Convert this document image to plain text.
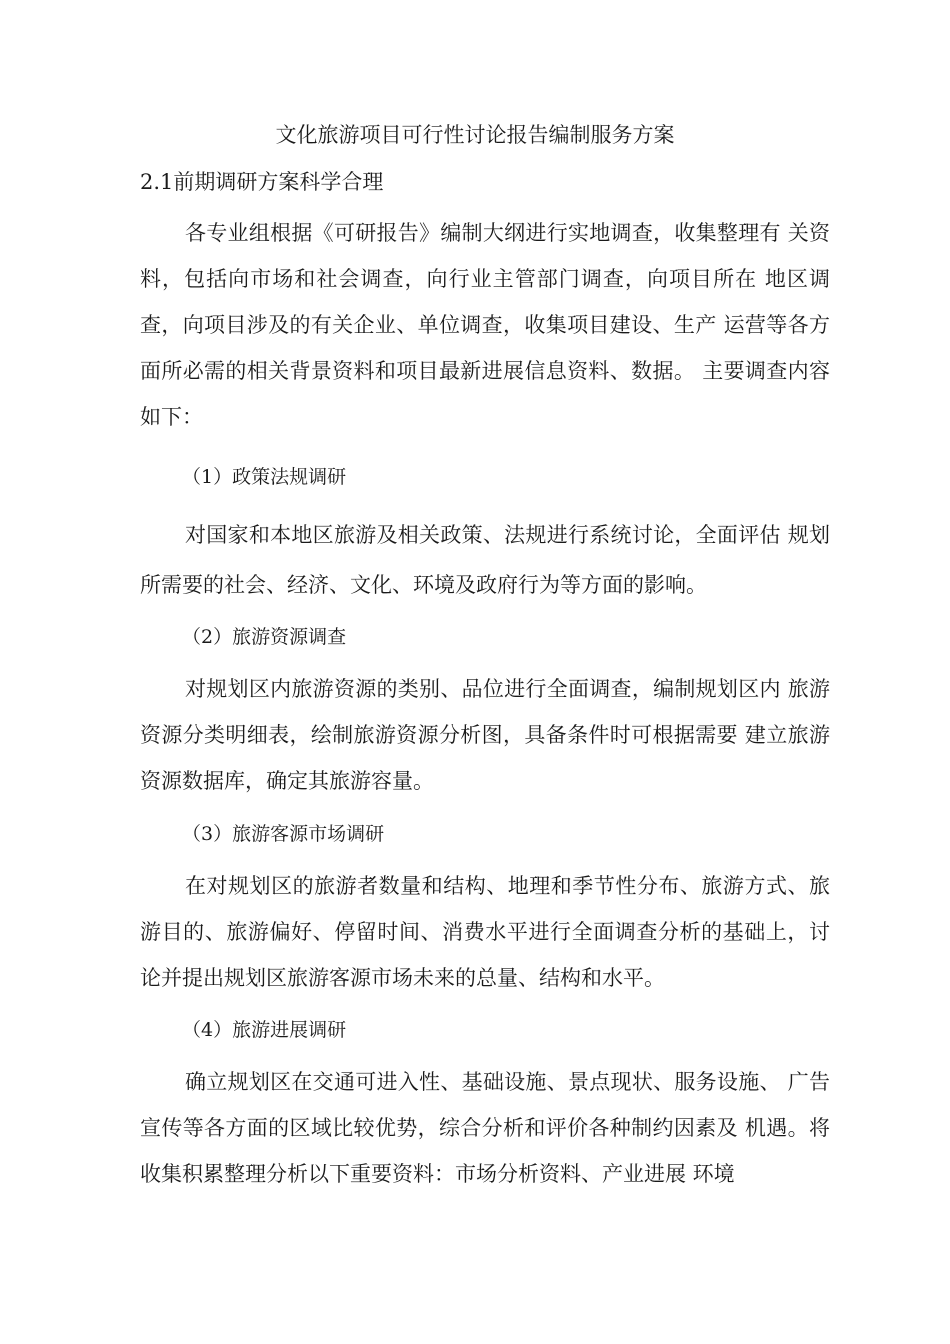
文化旅游项目可行性讨论报告编制服务方案
2.1前期调研方案科学合理

各专业组根据《可研报告》编制大纲进行实地调查，收集整理有 关资料，包括向市场和社会调查，向行业主管部门调查，向项目所在 地区调查，向项目涉及的有关企业、单位调查，收集项目建设、生产 运营等各方面所必需的相关背景资料和项目最新进展信息资料、数据。 主要调查内容如下：

（1）政策法规调研

对国家和本地区旅游及相关政策、法规进行系统讨论，全面评估 规划所需要的社会、经济、文化、环境及政府行为等方面的影响。

（2）旅游资源调查

对规划区内旅游资源的类别、品位进行全面调查，编制规划区内 旅游资源分类明细表，绘制旅游资源分析图，具备条件时可根据需要 建立旅游资源数据库，确定其旅游容量。

（3）旅游客源市场调研

在对规划区的旅游者数量和结构、地理和季节性分布、旅游方式、旅游目的、旅游偏好、停留时间、消费水平进行全面调查分析的基础上，讨论并提出规划区旅游客源市场未来的总量、结构和水平。

（4）旅游进展调研

确立规划区在交通可进入性、基础设施、景点现状、服务设施、 广告宣传等各方面的区域比较优势，综合分析和评价各种制约因素及 机遇。将收集积累整理分析以下重要资料：市场分析资料、产业进展 环境
